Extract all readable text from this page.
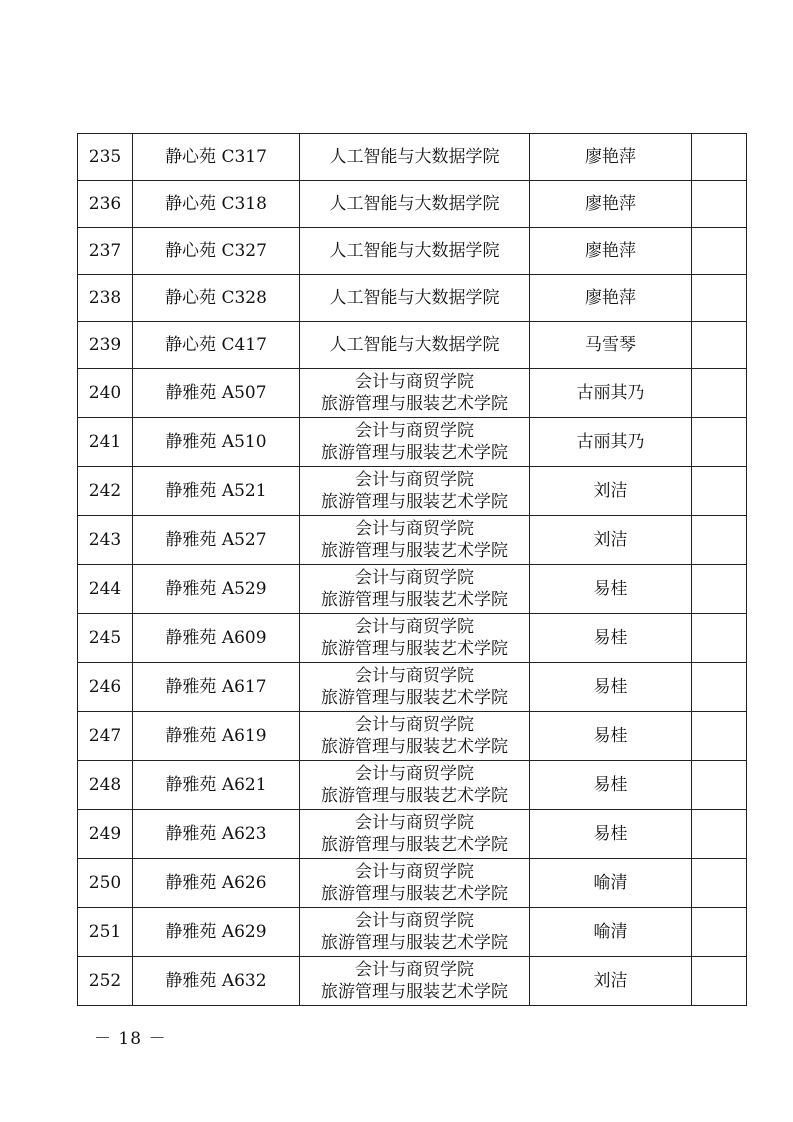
235	静心苑 C317	人工智能与大数据学院	廖艳萍	
236	静心苑 C318	人工智能与大数据学院	廖艳萍	
237	静心苑 C327	人工智能与大数据学院	廖艳萍	
238	静心苑 C328	人工智能与大数据学院	廖艳萍	
239	静心苑 C417	人工智能与大数据学院	马雪琴	
240	静雅苑 A507	会计与商贸学院
旅游管理与服装艺术学院	古丽其乃	
241	静雅苑 A510	会计与商贸学院
旅游管理与服装艺术学院	古丽其乃	
242	静雅苑 A521	会计与商贸学院
旅游管理与服装艺术学院	刘洁	
243	静雅苑 A527	会计与商贸学院
旅游管理与服装艺术学院	刘洁	
244	静雅苑 A529	会计与商贸学院
旅游管理与服装艺术学院	易桂	
245	静雅苑 A609	会计与商贸学院
旅游管理与服装艺术学院	易桂	
246	静雅苑 A617	会计与商贸学院
旅游管理与服装艺术学院	易桂	
247	静雅苑 A619	会计与商贸学院
旅游管理与服装艺术学院	易桂	
248	静雅苑 A621	会计与商贸学院
旅游管理与服装艺术学院	易桂	
249	静雅苑 A623	会计与商贸学院
旅游管理与服装艺术学院	易桂	
250	静雅苑 A626	会计与商贸学院
旅游管理与服装艺术学院	喻清	
251	静雅苑 A629	会计与商贸学院
旅游管理与服装艺术学院	喻清	
252	静雅苑 A632	会计与商贸学院
旅游管理与服装艺术学院	刘洁	
－ 18 －
